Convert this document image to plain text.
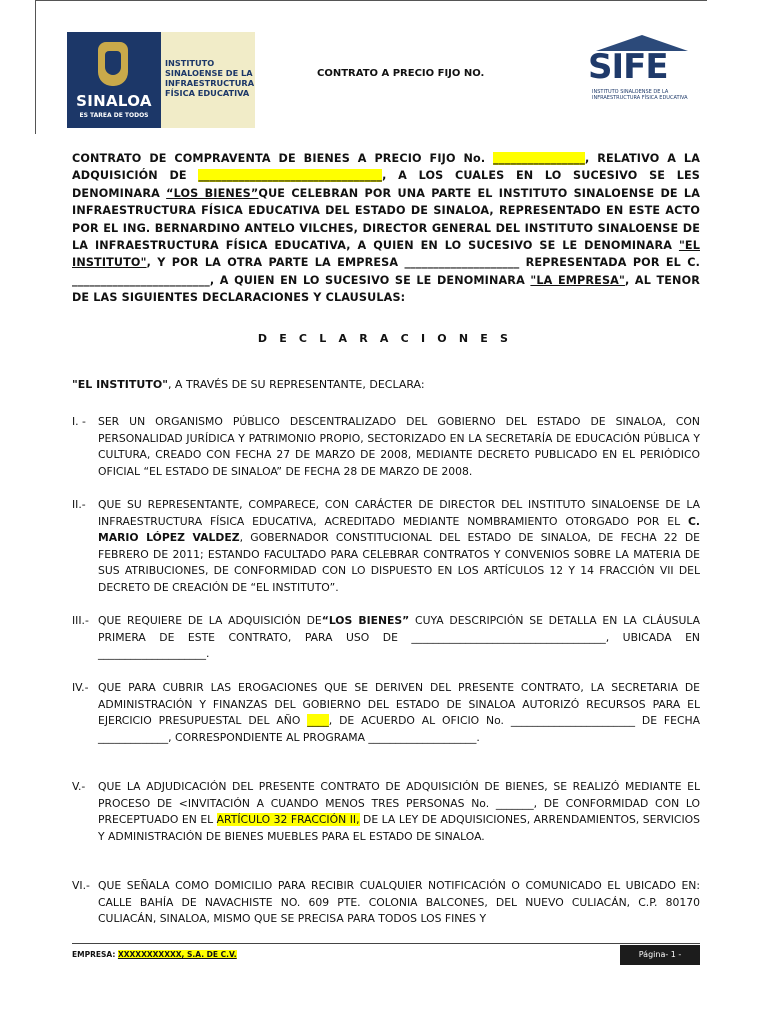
SINALOA
ES TAREA DE TODOS
INSTITUTO
SINALOENSE DE LA
INFRAESTRUCTURA
FÍSICA EDUCATIVA
CONTRATO A PRECIO FIJO NO.	SIFE
INSTITUTO SINALOENSE DE LA
INFRAESTRUCTURA FÍSICA EDUCATIVA
CONTRATO DE COMPRAVENTA DE BIENES A PRECIO FIJO No. ________________, RELATIVO A LA ADQUISICIÓN DE ________________________________, A LOS CUALES EN LO SUCESIVO SE LES DENOMINARA “LOS BIENES”QUE CELEBRAN POR UNA PARTE EL INSTITUTO SINALOENSE DE LA INFRAESTRUCTURA FÍSICA EDUCATIVA DEL ESTADO DE SINALOA, REPRESENTADO EN ESTE ACTO POR EL ING. BERNARDINO ANTELO VILCHES, DIRECTOR GENERAL DEL INSTITUTO SINALOENSE DE LA INFRAESTRUCTURA FÍSICA EDUCATIVA, A QUIEN EN LO SUCESIVO SE LE DENOMINARA "EL INSTITUTO", Y POR LA OTRA PARTE LA EMPRESA ____________________ REPRESENTADA POR EL C. ________________________, A QUIEN EN LO SUCESIVO SE LE DENOMINARA "LA EMPRESA", AL TENOR DE LAS SIGUIENTES DECLARACIONES Y CLAUSULAS:
D E C L A R A C I O N E S
"EL INSTITUTO", A TRAVÉS DE SU REPRESENTANTE, DECLARA:
I. -	SER UN ORGANISMO PÚBLICO DESCENTRALIZADO DEL GOBIERNO DEL ESTADO DE SINALOA, CON PERSONALIDAD JURÍDICA Y PATRIMONIO PROPIO, SECTORIZADO EN LA SECRETARÍA DE EDUCACIÓN PÚBLICA Y CULTURA, CREADO CON FECHA 27 DE MARZO DE 2008, MEDIANTE DECRETO PUBLICADO EN EL PERIÓDICO OFICIAL “EL ESTADO DE SINALOA” DE FECHA 28 DE MARZO DE 2008.
II.-	QUE SU REPRESENTANTE, COMPARECE, CON CARÁCTER DE DIRECTOR DEL INSTITUTO SINALOENSE DE LA INFRAESTRUCTURA FÍSICA EDUCATIVA, ACREDITADO MEDIANTE NOMBRAMIENTO OTORGADO POR EL C. MARIO LÓPEZ VALDEZ, GOBERNADOR CONSTITUCIONAL DEL ESTADO DE SINALOA, DE FECHA 22 DE FEBRERO DE 2011; ESTANDO FACULTADO PARA CELEBRAR CONTRATOS Y CONVENIOS SOBRE LA MATERIA DE SUS ATRIBUCIONES, DE CONFORMIDAD CON LO DISPUESTO EN LOS ARTÍCULOS 12 Y 14 FRACCIÓN VII DEL DECRETO DE CREACIÓN DE “EL INSTITUTO”.
III.- QUE REQUIERE DE LA ADQUISICIÓN DE“LOS BIENES” CUYA DESCRIPCIÓN SE DETALLA EN LA CLÁUSULA PRIMERA DE ESTE CONTRATO, PARA USO DE ____________________________________, UBICADA EN ____________________.
IV.- QUE PARA CUBRIR LAS EROGACIONES QUE SE DERIVEN DEL PRESENTE CONTRATO, LA SECRETARIA DE ADMINISTRACIÓN Y FINANZAS DEL GOBIERNO DEL ESTADO DE SINALOA AUTORIZÓ RECURSOS PARA EL EJERCICIO PRESUPUESTAL DEL AÑO ____, DE ACUERDO AL OFICIO No. _______________________ DE FECHA _____________, CORRESPONDIENTE AL PROGRAMA ____________________.
V.-	QUE LA ADJUDICACIÓN DEL PRESENTE CONTRATO DE ADQUISICIÓN DE BIENES, SE REALIZÓ MEDIANTE EL PROCESO DE <INVITACIÓN A CUANDO MENOS TRES PERSONAS No. _______, DE CONFORMIDAD CON LO PRECEPTUADO EN EL ARTÍCULO 32 FRACCIÓN II, DE LA LEY DE ADQUISICIONES, ARRENDAMIENTOS, SERVICIOS Y ADMINISTRACIÓN DE BIENES MUEBLES PARA EL ESTADO DE SINALOA.
VI.- QUE SEÑALA COMO DOMICILIO PARA RECIBIR CUALQUIER NOTIFICACIÓN O COMUNICADO EL UBICADO EN: CALLE BAHÍA DE NAVACHISTE NO. 609 PTE. COLONIA BALCONES, DEL NUEVO CULIACÁN, C.P. 80170 CULIACÁN, SINALOA, MISMO QUE SE PRECISA PARA TODOS LOS FINES Y
EMPRESA: XXXXXXXXXXX, S.A. DE C.V.	Página- 1 -
